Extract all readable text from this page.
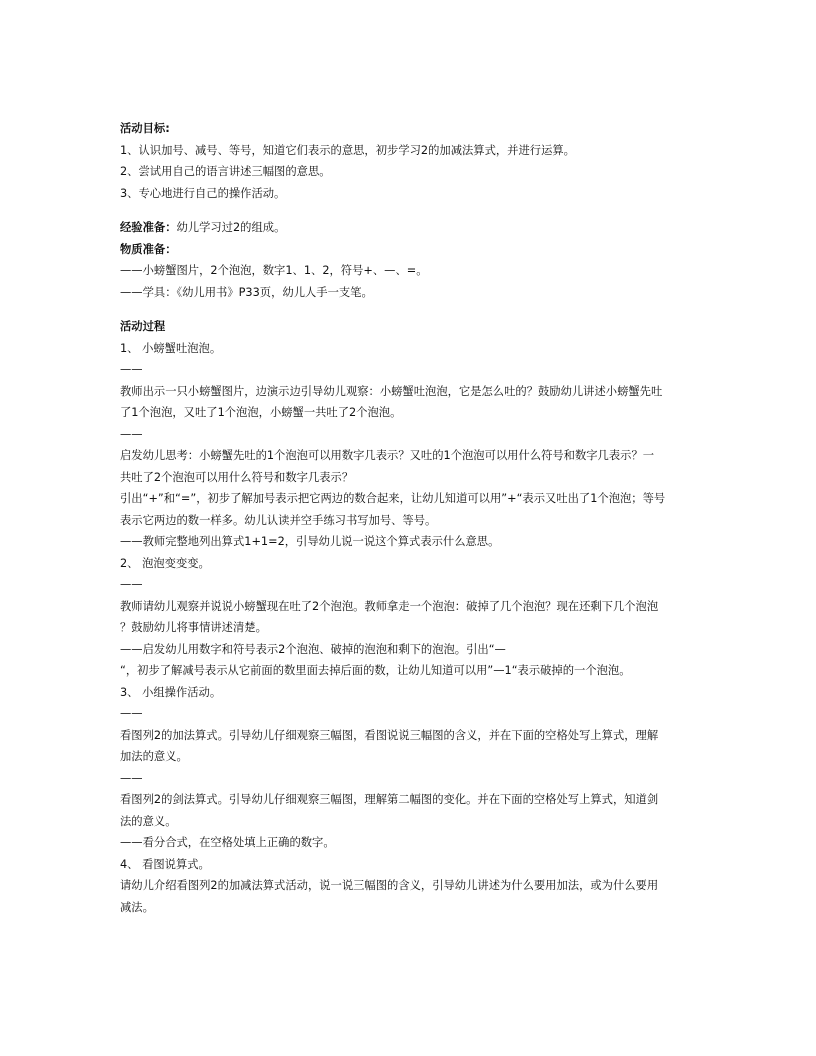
活动目标:
1、认识加号、减号、等号，知道它们表示的意思，初步学习2的加减法算式，并进行运算。
2、尝试用自己的语言讲述三幅图的意思。
3、专心地进行自己的操作活动。
经验准备：幼儿学习过2的组成。
物质准备：
——小螃蟹图片，2个泡泡，数字1、1、2，符号+、—、=。
——学具：《幼儿用书》P33页，幼儿人手一支笔。
活动过程
1、 小螃蟹吐泡泡。
——
教师出示一只小螃蟹图片，边演示边引导幼儿观察：小螃蟹吐泡泡，它是怎么吐的？鼓励幼儿讲述小螃蟹先吐
了1个泡泡，又吐了1个泡泡，小螃蟹一共吐了2个泡泡。
——
启发幼儿思考：小螃蟹先吐的1个泡泡可以用数字几表示？又吐的1个泡泡可以用什么符号和数字几表示？一
共吐了2个泡泡可以用什么符号和数字几表示？
引出“+”和“=”，初步了解加号表示把它两边的数合起来，让幼儿知道可以用”+“表示又吐出了1个泡泡；等号
表示它两边的数一样多。幼儿认读并空手练习书写加号、等号。
——教师完整地列出算式1+1=2，引导幼儿说一说这个算式表示什么意思。
2、 泡泡变变变。
——
教师请幼儿观察并说说小螃蟹现在吐了2个泡泡。教师拿走一个泡泡：破掉了几个泡泡？现在还剩下几个泡泡
？鼓励幼儿将事情讲述清楚。
——启发幼儿用数字和符号表示2个泡泡、破掉的泡泡和剩下的泡泡。引出“—
“，初步了解减号表示从它前面的数里面去掉后面的数，让幼儿知道可以用”—1“表示破掉的一个泡泡。
3、 小组操作活动。
——
看图列2的加法算式。引导幼儿仔细观察三幅图，看图说说三幅图的含义，并在下面的空格处写上算式，理解
加法的意义。
——
看图列2的剑法算式。引导幼儿仔细观察三幅图，理解第二幅图的变化。并在下面的空格处写上算式，知道剑
法的意义。
——看分合式，在空格处填上正确的数字。
4、 看图说算式。
请幼儿介绍看图列2的加减法算式活动，说一说三幅图的含义，引导幼儿讲述为什么要用加法，或为什么要用
减法。
